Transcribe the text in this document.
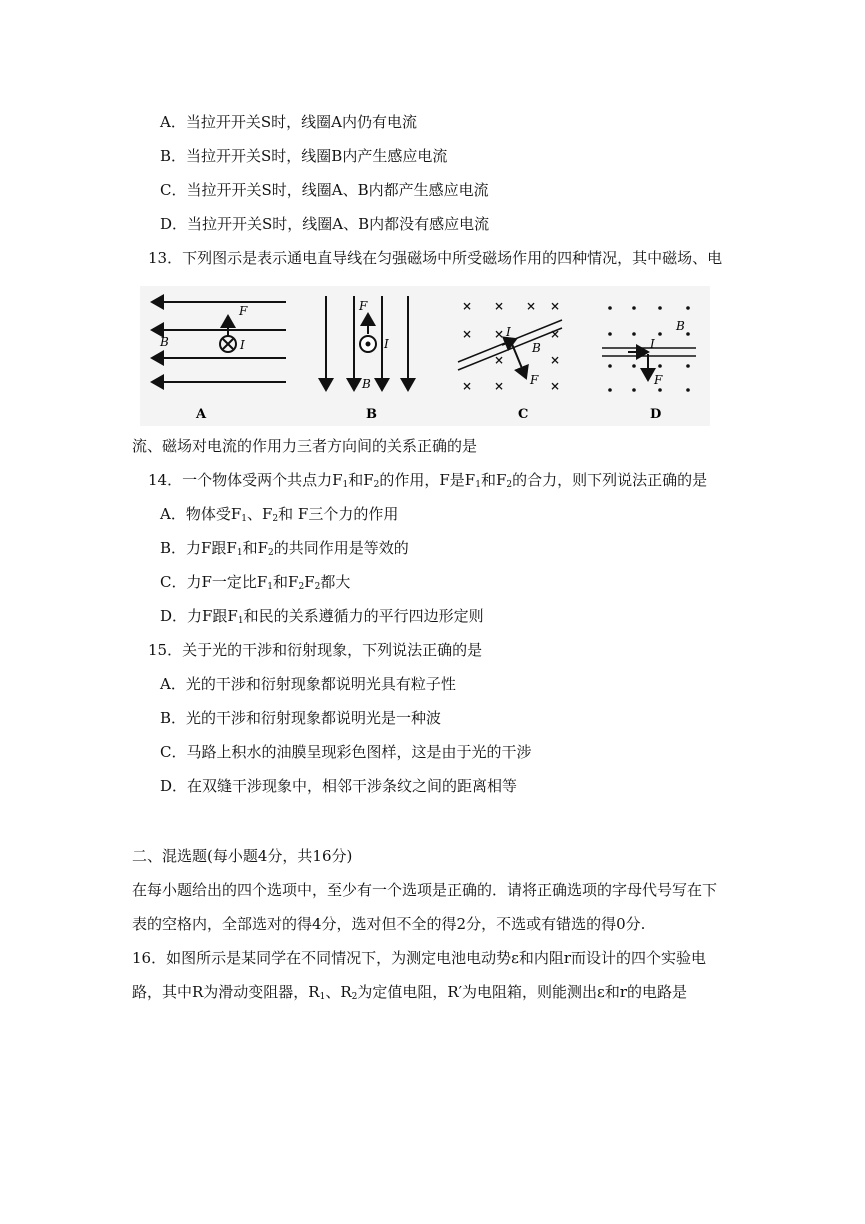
A．当拉开开关S时，线圈A内仍有电流
B．当拉开开关S时，线圈B内产生感应电流
C．当拉开开关S时，线圈A、B内都产生感应电流
D．当拉开开关S时，线圈A、B内都没有感应电流
13．下列图示是表示通电直导线在匀强磁场中所受磁场作用的四种情况，其中磁场、电
F
B	I
A
F
I
B
B
× × × ×
× ×	×
×	×
× ×	×
I
B
F
C
I
B
F
D
流、磁场对电流的作用力三者方向间的关系正确的是
14．一个物体受两个共点力$F_1$和$F_2$的作用，F是$F_1$和$F_2$的合力，则下列说法正确的是
A．物体受$F_1$、$F_2$和 F三个力的作用
B．力F跟$F_1$和$F_2$的共同作用是等效的
C．力F一定比$F_1$和$F_2F_2$都大
D．力F跟$F_1$和民的关系遵循力的平行四边形定则
15．关于光的干涉和衍射现象，下列说法正确的是
A．光的干涉和衍射现象都说明光具有粒子性
B．光的干涉和衍射现象都说明光是一种波
C．马路上积水的油膜呈现彩色图样，这是由于光的干涉
D．在双缝干涉现象中，相邻干涉条纹之间的距离相等
二、混选题(每小题4分，共16分)
在每小题给出的四个选项中，至少有一个选项是正确的．请将正确选项的字母代号写在下
表的空格内，全部选对的得4分，选对但不全的得2分，不选或有错选的得0分.
16．如图所示是某同学在不同情况下，为测定电池电动势ε和内阻r而设计的四个实验电
路，其中R为滑动变阻器，$R_1$、$R_2$为定值电阻，R′为电阻箱，则能测出ε和r的电路是
